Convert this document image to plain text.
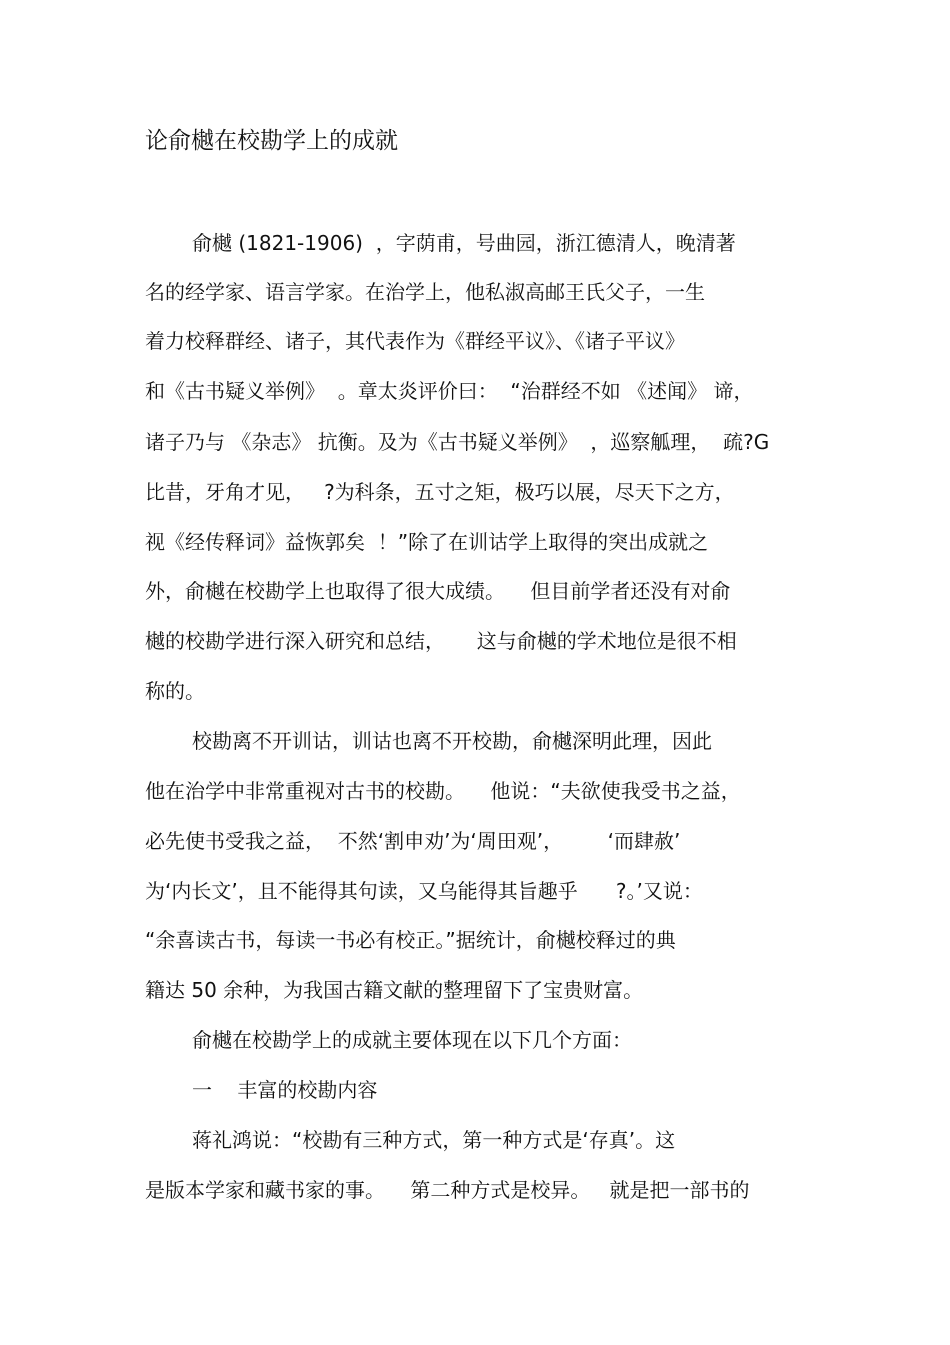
论俞樾在校勘学上的成就

俞樾 (1821-1906)  ，字荫甫，号曲园，浙江德清人，晚清著

名的经学家、语言学家。在治学上，他私淑高邮王氏父子，一生

着力校释群经、诸子，其代表作为《群经平议》、《诸子平议》

和《古书疑义举例》  。章太炎评价曰：  “治群经不如 《述闻》 谛，

诸子乃与 《杂志》 抗衡。及为《古书疑义举例》  ，巡察觚理，  疏?G

比昔，牙角才见，   ?为科条，五寸之矩，极巧以展，尽天下之方，

视《经传释词》益恢郭矣  ！”除了在训诂学上取得的突出成就之

外，俞樾在校勘学上也取得了很大成绩。    但目前学者还没有对俞

樾的校勘学进行深入研究和总结，     这与俞樾的学术地位是很不相

称的。

校勘离不开训诂，训诂也离不开校勘，俞樾深明此理，因此

他在治学中非常重视对古书的校勘。    他说：“夫欲使我受书之益，

必先使书受我之益，  不然‘割申劝’为‘周田观’，       ‘而肆赦’

为‘内长文’，且不能得其句读，又乌能得其旨趣乎      ?。’又说：

“余喜读古书，每读一书必有校正。”据统计，俞樾校释过的典

籍达 50 余种，为我国古籍文献的整理留下了宝贵财富。

俞樾在校勘学上的成就主要体现在以下几个方面：

一    丰富的校勘内容

蒋礼鸿说：“校勘有三种方式，第一种方式是‘存真’。这

是版本学家和藏书家的事。    第二种方式是校异。   就是把一部书的
